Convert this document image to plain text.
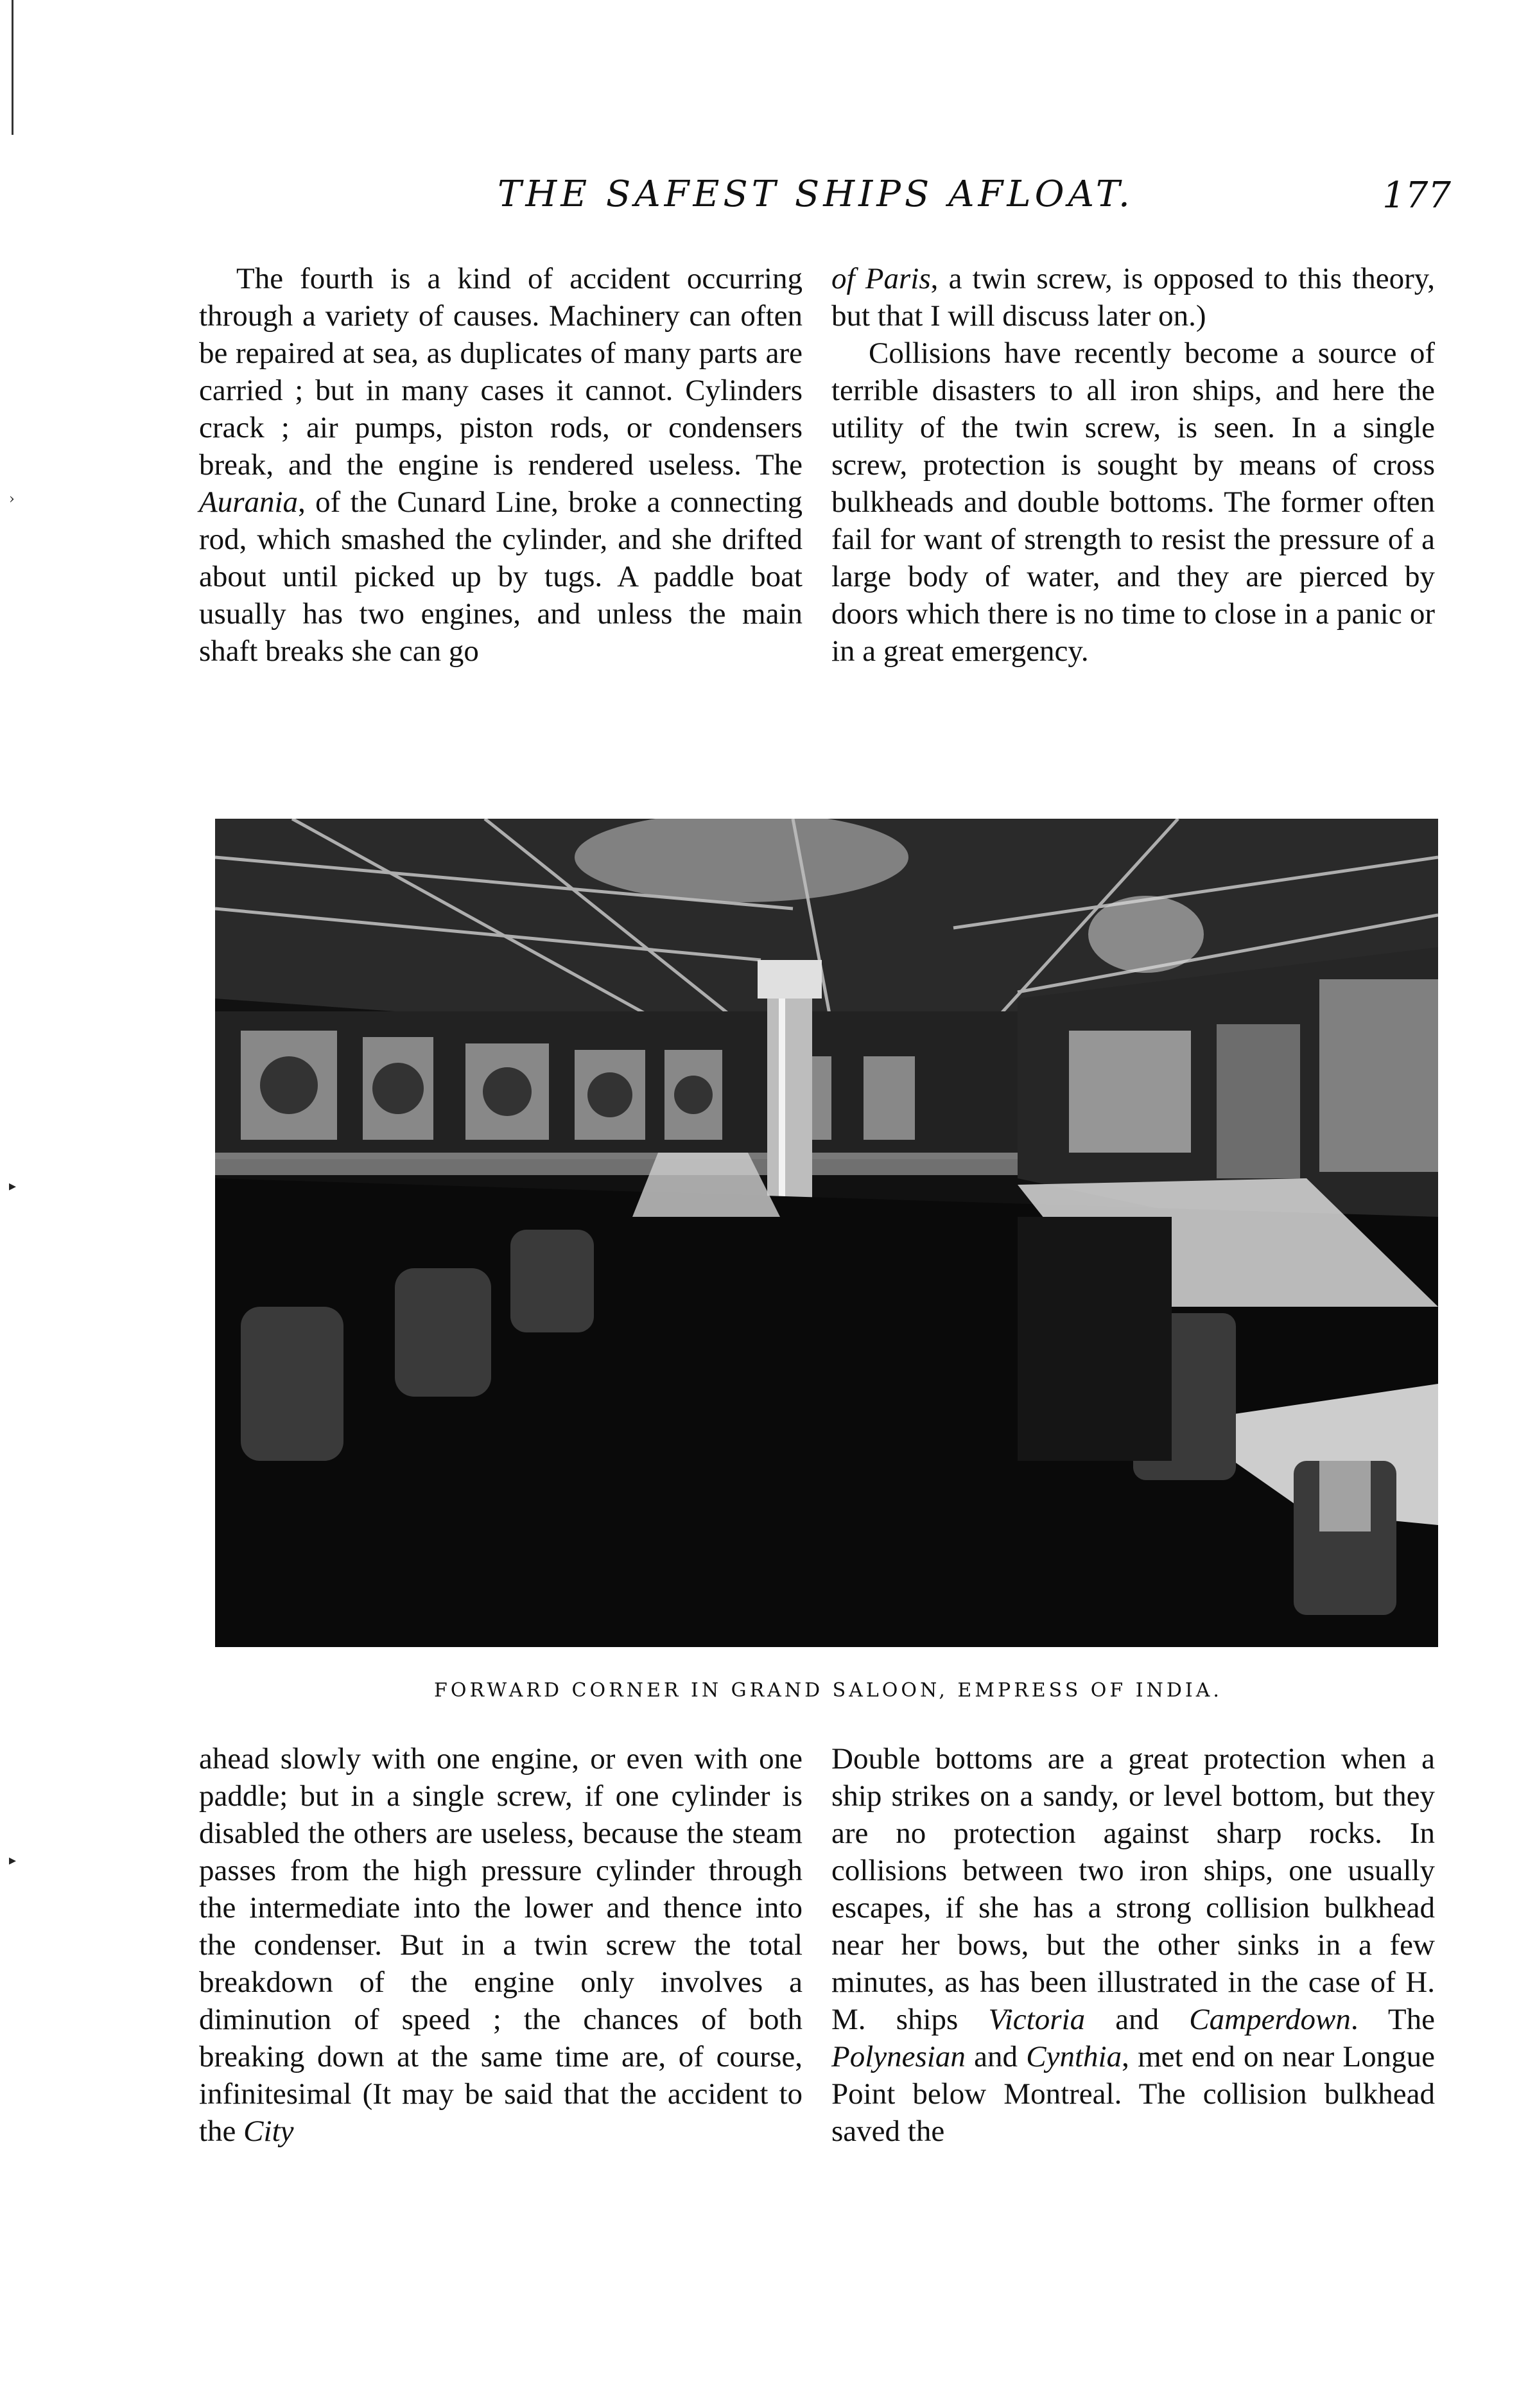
›
▸
▸
THE SAFEST SHIPS AFLOAT.	177

The fourth is a kind of accident occurring through a variety of causes. Machinery can often be repaired at sea, as duplicates of many parts are carried ; but in many cases it cannot. Cylinders crack ; air pumps, piston rods, or condensers break, and the engine is rendered useless. The Aurania, of the Cunard Line, broke a connecting rod, which smashed the cylinder, and she drifted about until picked up by tugs. A paddle boat usually has two engines, and unless the main shaft breaks she can go

of Paris, a twin screw, is opposed to this theory, but that I will discuss later on.)

Collisions have recently become a source of terrible disasters to all iron ships, and here the utility of the twin screw, is seen. In a single screw, protection is sought by means of cross bulkheads and double bottoms. The former often fail for want of strength to resist the pressure of a large body of water, and they are pierced by doors which there is no time to close in a panic or in a great emergency.

FORWARD CORNER IN GRAND SALOON, EMPRESS OF INDIA.

ahead slowly with one engine, or even with one paddle; but in a single screw, if one cylinder is disabled the others are useless, because the steam passes from the high pressure cylinder through the intermediate into the lower and thence into the condenser. But in a twin screw the total breakdown of the engine only involves a diminution of speed ; the chances of both breaking down at the same time are, of course, infinitesimal (It may be said that the accident to the City

Double bottoms are a great protection when a ship strikes on a sandy, or level bottom, but they are no protection against sharp rocks. In collisions between two iron ships, one usually escapes, if she has a strong collision bulkhead near her bows, but the other sinks in a few minutes, as has been illustrated in the case of H. M. ships Victoria and Camperdown. The Polynesian and Cynthia, met end on near Longue Point below Montreal. The collision bulkhead saved the
